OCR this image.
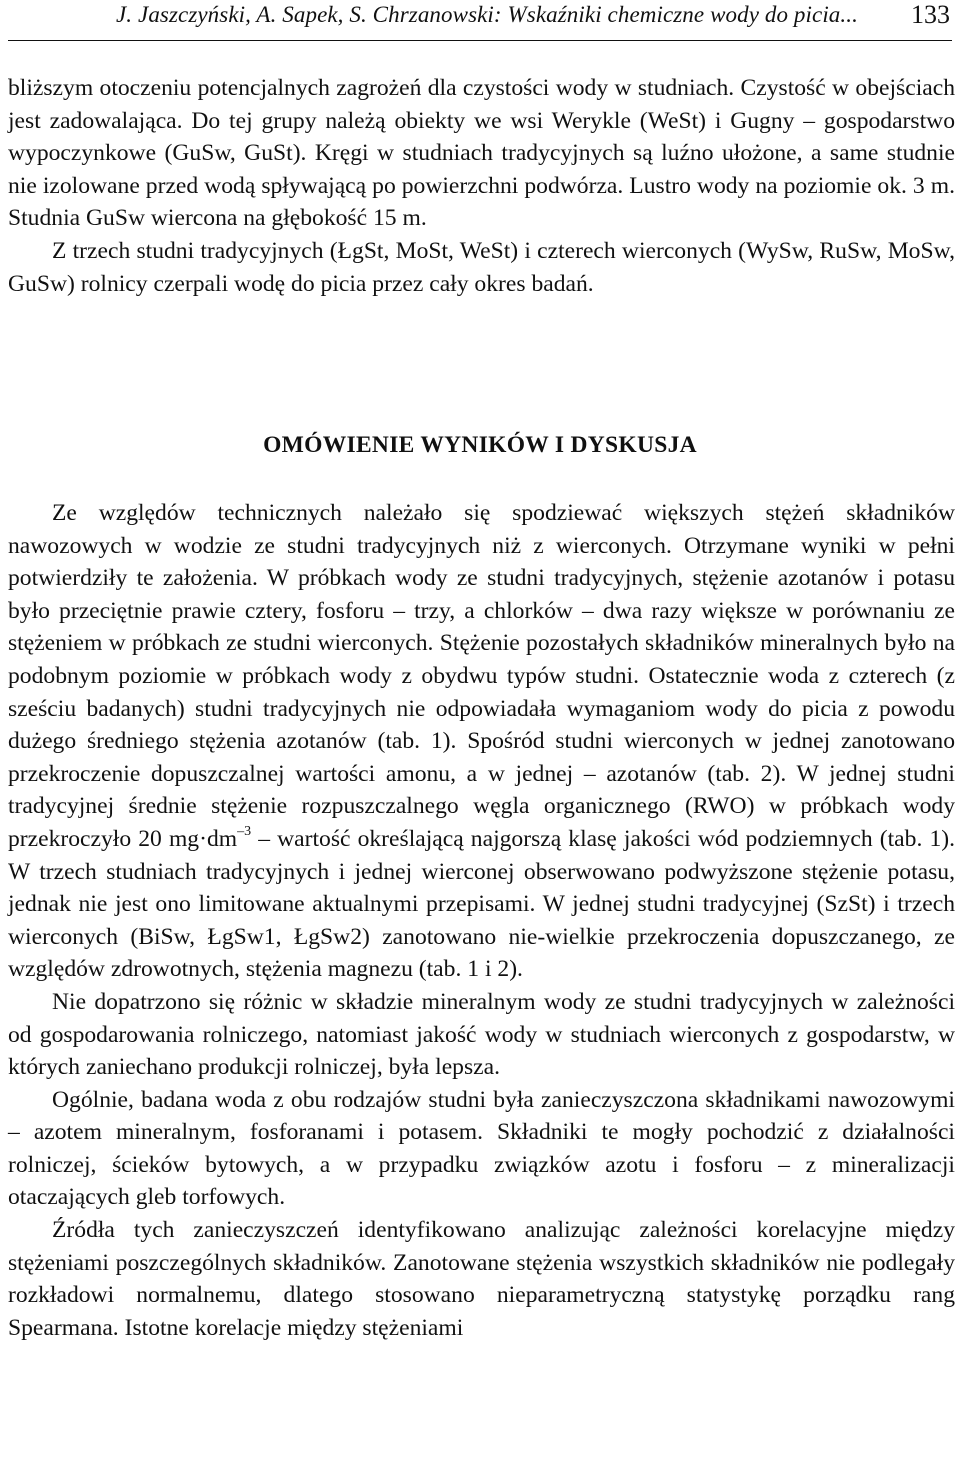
J. Jaszczyński, A. Sapek, S. Chrzanowski: Wskaźniki chemiczne wody do picia... 133

bliższym otoczeniu potencjalnych zagrożeń dla czystości wody w studniach. Czystość w obejściach jest zadowalająca. Do tej grupy należą obiekty we wsi Werykle (WeSt) i Gugny – gospodarstwo wypoczynkowe (GuSw, GuSt). Kręgi w studniach tradycyjnych są luźno ułożone, a same studnie nie izolowane przed wodą spływającą po powierzchni podwórza. Lustro wody na poziomie ok. 3 m. Studnia GuSw wiercona na głębokość 15 m.

Z trzech studni tradycyjnych (ŁgSt, MoSt, WeSt) i czterech wierconych (WySw, RuSw, MoSw, GuSw) rolnicy czerpali wodę do picia przez cały okres badań.

OMÓWIENIE WYNIKÓW I DYSKUSJA

Ze względów technicznych należało się spodziewać większych stężeń składników nawozowych w wodzie ze studni tradycyjnych niż z wierconych. Otrzymane wyniki w pełni potwierdziły te założenia. W próbkach wody ze studni tradycyjnych, stężenie azotanów i potasu było przeciętnie prawie cztery, fosforu – trzy, a chlorków – dwa razy większe w porównaniu ze stężeniem w próbkach ze studni wierconych. Stężenie pozostałych składników mineralnych było na podobnym poziomie w próbkach wody z obydwu typów studni. Ostatecznie woda z czterech (z sześciu badanych) studni tradycyjnych nie odpowiadała wymaganiom wody do picia z powodu dużego średniego stężenia azotanów (tab. 1). Spośród studni wierconych w jednej zanotowano przekroczenie dopuszczalnej wartości amonu, a w jednej – azotanów (tab. 2). W jednej studni tradycyjnej średnie stężenie rozpuszczalnego węgla organicznego (RWO) w próbkach wody przekroczyło 20 $mg\cdot dm^{-3}$ – wartość określającą najgorszą klasę jakości wód podziemnych (tab. 1). W trzech studniach tradycyjnych i jednej wierconej obserwowano podwyższone stężenie potasu, jednak nie jest ono limitowane aktualnymi przepisami. W jednej studni tradycyjnej (SzSt) i trzech wierconych (BiSw, ŁgSw1, ŁgSw2) zanotowano nie-wielkie przekroczenia dopuszczanego, ze względów zdrowotnych, stężenia magnezu (tab. 1 i 2).

Nie dopatrzono się różnic w składzie mineralnym wody ze studni tradycyjnych w zależności od gospodarowania rolniczego, natomiast jakość wody w studniach wierconych z gospodarstw, w których zaniechano produkcji rolniczej, była lepsza.

Ogólnie, badana woda z obu rodzajów studni była zanieczyszczona składnikami nawozowymi – azotem mineralnym, fosforanami i potasem. Składniki te mogły pochodzić z działalności rolniczej, ścieków bytowych, a w przypadku związków azotu i fosforu – z mineralizacji otaczających gleb torfowych.

Źródła tych zanieczyszczeń identyfikowano analizując zależności korelacyjne między stężeniami poszczególnych składników. Zanotowane stężenia wszystkich składników nie podlegały rozkładowi normalnemu, dlatego stosowano nieparametryczną statystykę porządku rang Spearmana. Istotne korelacje między stężeniami
